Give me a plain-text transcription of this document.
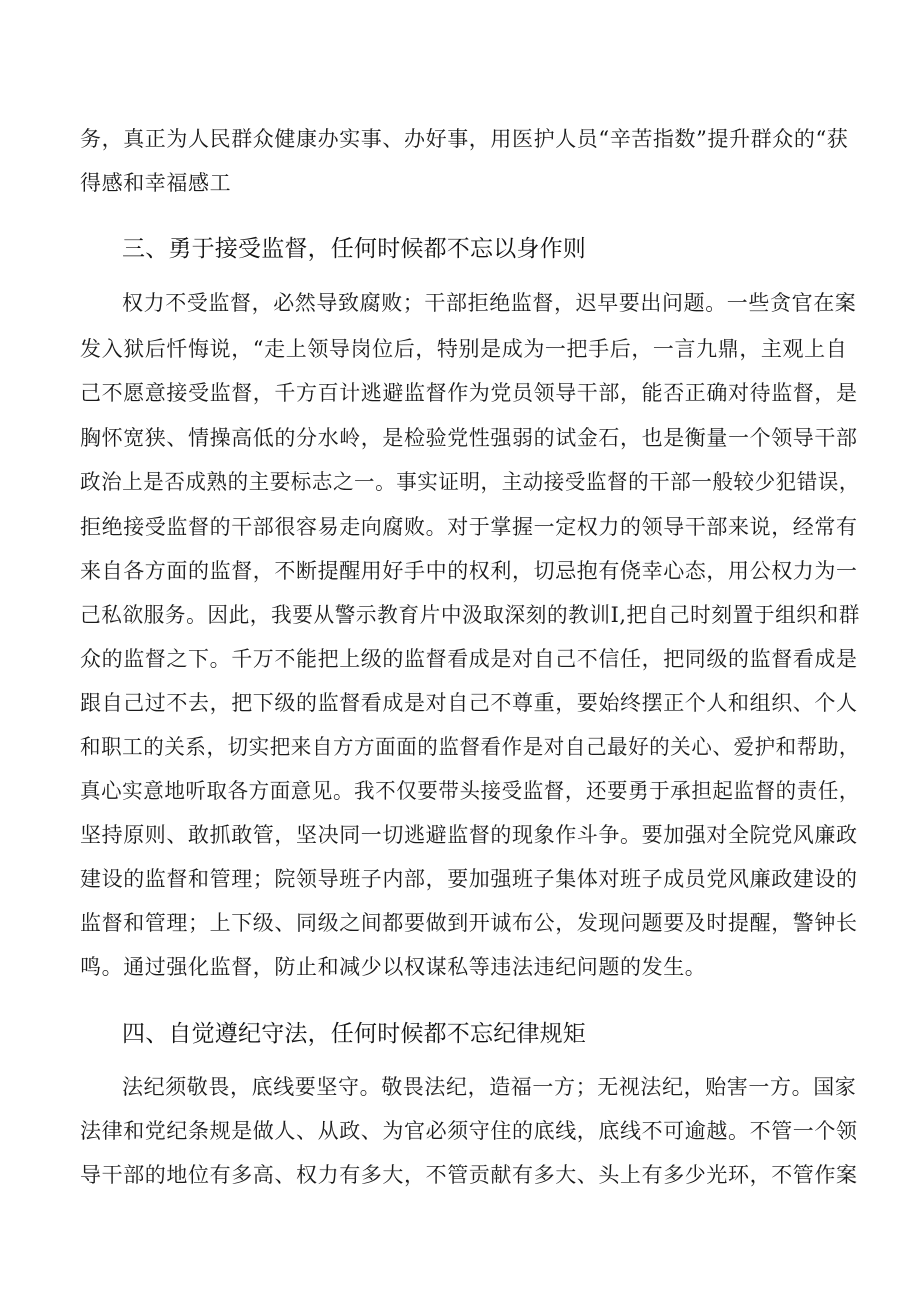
务，真正为人民群众健康办实事、办好事，用医护人员“辛苦指数”提升群众的“获
得感和幸福感工
三、勇于接受监督，任何时候都不忘以身作则
权力不受监督，必然导致腐败；干部拒绝监督，迟早要出问题。一些贪官在案
发入狱后忏悔说，“走上领导岗位后，特别是成为一把手后，一言九鼎，主观上自
己不愿意接受监督，千方百计逃避监督作为党员领导干部，能否正确对待监督，是
胸怀宽狭、情操高低的分水岭，是检验党性强弱的试金石，也是衡量一个领导干部
政治上是否成熟的主要标志之一。事实证明，主动接受监督的干部一般较少犯错误，
拒绝接受监督的干部很容易走向腐败。对于掌握一定权力的领导干部来说，经常有
来自各方面的监督，不断提醒用好手中的权利，切忌抱有侥幸心态，用公权力为一
己私欲服务。因此，我要从警示教育片中汲取深刻的教训I,把自己时刻置于组织和群
众的监督之下。千万不能把上级的监督看成是对自己不信任，把同级的监督看成是
跟自己过不去，把下级的监督看成是对自己不尊重，要始终摆正个人和组织、个人
和职工的关系，切实把来自方方面面的监督看作是对自己最好的关心、爱护和帮助，
真心实意地听取各方面意见。我不仅要带头接受监督，还要勇于承担起监督的责任，
坚持原则、敢抓敢管，坚决同一切逃避监督的现象作斗争。要加强对全院党风廉政
建设的监督和管理；院领导班子内部，要加强班子集体对班子成员党风廉政建设的
监督和管理；上下级、同级之间都要做到开诚布公，发现问题要及时提醒，警钟长
鸣。通过强化监督，防止和减少以权谋私等违法违纪问题的发生。
四、自觉遵纪守法，任何时候都不忘纪律规矩
法纪须敬畏，底线要坚守。敬畏法纪，造福一方；无视法纪，贻害一方。国家
法律和党纪条规是做人、从政、为官必须守住的底线，底线不可逾越。不管一个领
导干部的地位有多高、权力有多大，不管贡献有多大、头上有多少光环，不管作案
